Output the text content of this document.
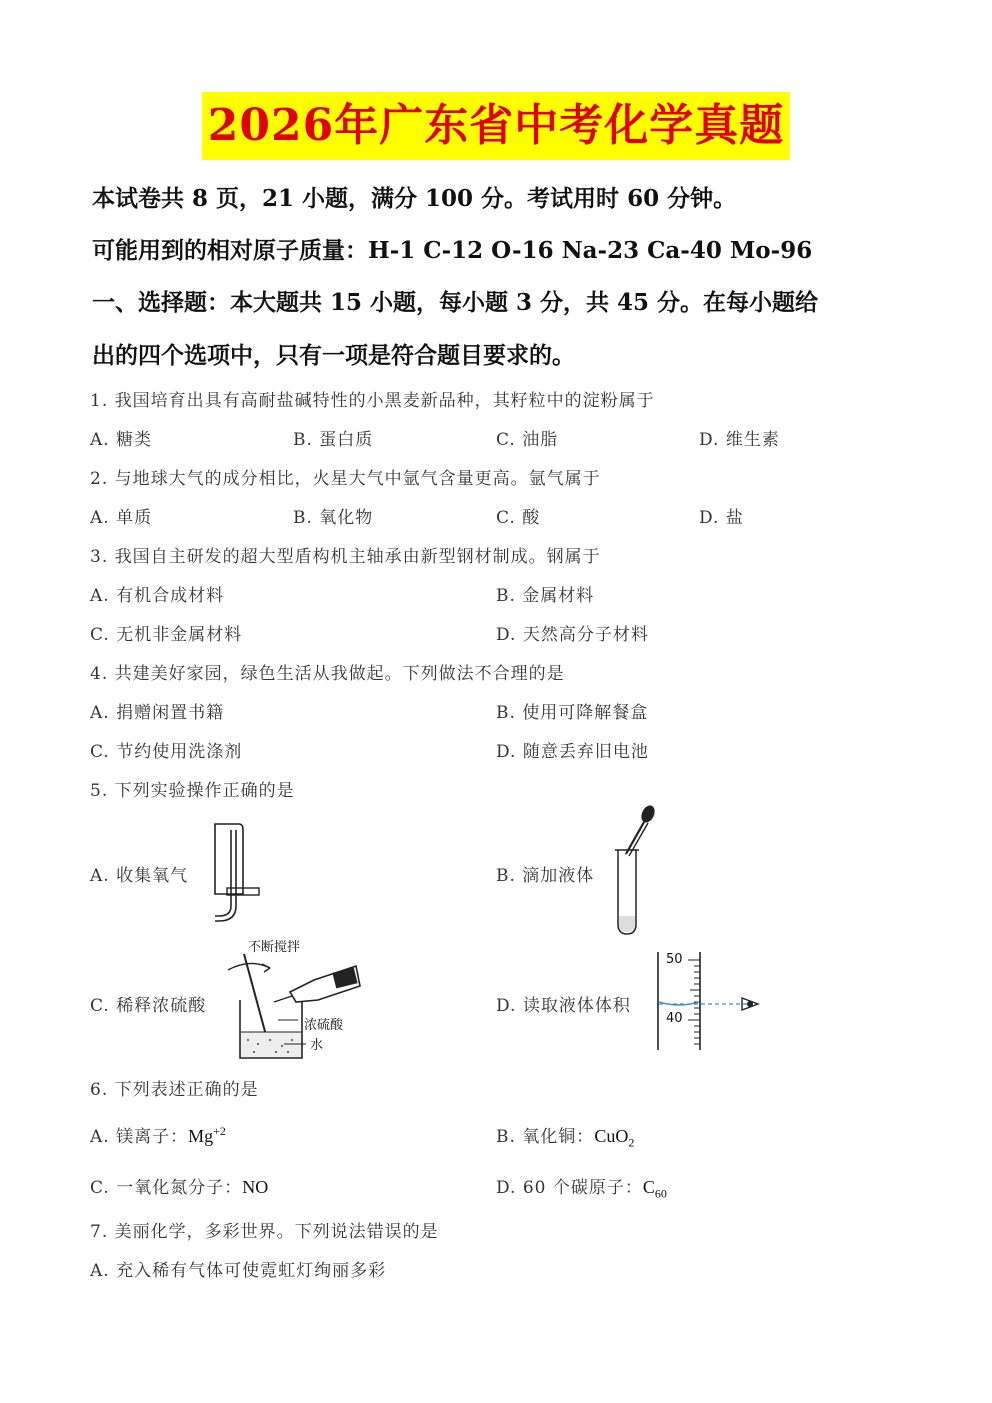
2026年广东省中考化学真题
本试卷共 8 页，21 小题，满分 100 分。考试用时 60 分钟。
可能用到的相对原子质量：H-1 C-12 O-16 Na-23 Ca-40 Mo-96
一、选择题：本大题共 15 小题，每小题 3 分，共 45 分。在每小题给
出的四个选项中，只有一项是符合题目要求的。
1. 我国培育出具有高耐盐碱特性的小黑麦新品种，其籽粒中的淀粉属于
A. 糖类	B. 蛋白质	C. 油脂	D. 维生素
2. 与地球大气的成分相比，火星大气中氩气含量更高。氩气属于
A. 单质	B. 氧化物	C. 酸	D. 盐
3. 我国自主研发的超大型盾构机主轴承由新型钢材制成。钢属于
A. 有机合成材料	B. 金属材料
C. 无机非金属材料	D. 天然高分子材料
4. 共建美好家园，绿色生活从我做起。下列做法不合理的是
A. 捐赠闲置书籍	B. 使用可降解餐盒
C. 节约使用洗涤剂	D. 随意丢弃旧电池
5. 下列实验操作正确的是
A. 收集氧气	B. 滴加液体
C. 稀释浓硫酸	D. 读取液体体积
不断搅拌
浓硫酸
水
50
40
6. 下列表述正确的是
A. 镁离子：$Mg^{+2}$	B. 氧化铜：CuO$_2$
C. 一氧化氮分子：NO	D. 60 个碳原子：$C_{60}$
7. 美丽化学，多彩世界。下列说法错误的是
A. 充入稀有气体可使霓虹灯绚丽多彩
